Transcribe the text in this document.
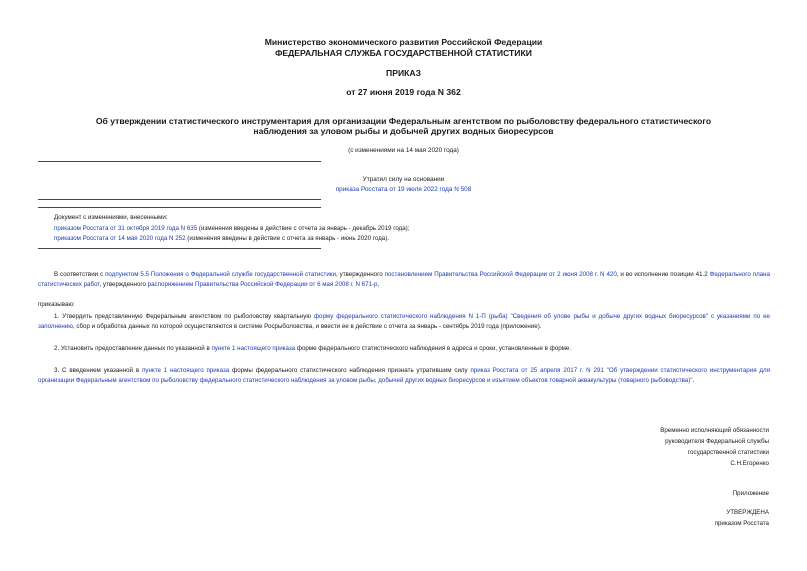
Министерство экономического развития Российской Федерации
ФЕДЕРАЛЬНАЯ СЛУЖБА ГОСУДАРСТВЕННОЙ СТАТИСТИКИ
ПРИКАЗ
от 27 июня 2019 года N 362
Об утверждении статистического инструментария для организации Федеральным агентством по рыболовству федерального статистического наблюдения за уловом рыбы и добычей других водных биоресурсов
(с изменениями на 14 мая 2020 года)
Утратил силу на основании
приказа Росстата от 19 июля 2022 года N 508
Документ с изменениями, внесенными:
приказом Росстата от 31 октября 2019 года N 635 (изменения введены в действие с отчета за январь - декабрь 2019 года);
приказом Росстата от 14 мая 2020 года N 252 (изменения введены в действие с отчета за январь - июнь 2020 года).
В соответствии с подпунктом 5.5 Положения о Федеральной службе государственной статистики, утвержденного постановлением Правительства Российской Федерации от 2 июня 2008 г. N 420, и во исполнение позиции 41.2 Федерального плана статистических работ, утвержденного распоряжением Правительства Российской Федерации от 6 мая 2008 г. N 671-р,
приказываю:
1. Утвердить представленную Федеральным агентством по рыболовству квартальную форму федерального статистического наблюдения N 1-П (рыба) "Сведения об улове рыбы и добыче других водных биоресурсов" с указаниями по ее заполнению, сбор и обработка данных по которой осуществляются в системе Росрыболовства, и ввести ее в действие с отчета за январь - сентябрь 2019 года (приложение).
2. Установить предоставление данных по указанной в пункте 1 настоящего приказа форме федерального статистического наблюдения в адреса и сроки, установленные в форме.
3. С введением указанной в пункте 1 настоящего приказа формы федерального статистического наблюдения признать утратившим силу приказ Росстата от 25 апреля 2017 г. N 291 "Об утверждении статистического инструментария для организации Федеральным агентством по рыболовству федерального статистического наблюдения за уловом рыбы, добычей других водных биоресурсов и изъятием объектов товарной аквакультуры (товарного рыбоводства)".
Временно исполняющий обязанности
руководителя Федеральной службы
государственной статистики
С.Н.Егоренко
Приложение
УТВЕРЖДЕНА
приказом Росстата
